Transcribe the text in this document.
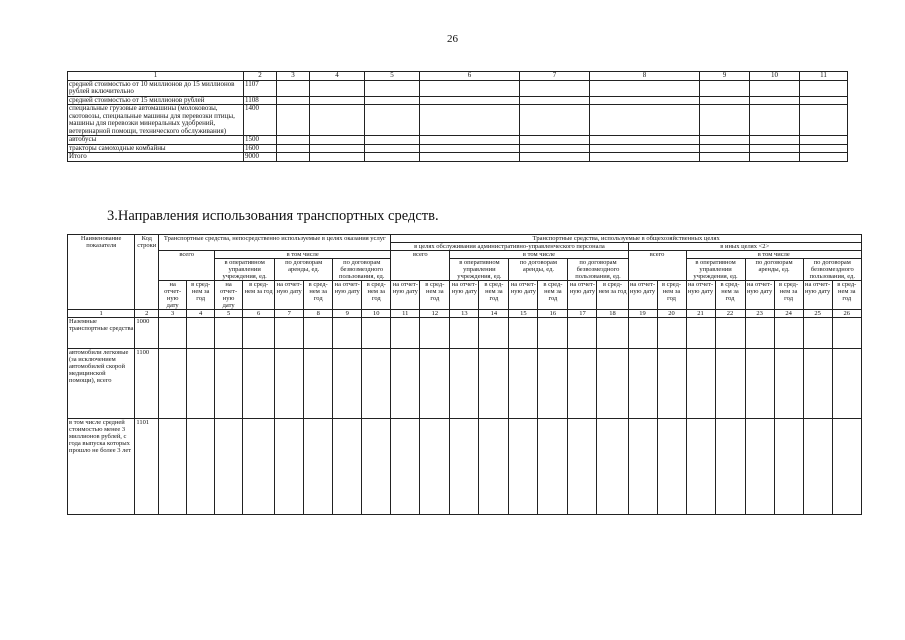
26
1	2	3	4	5	6	7	8	9	10	11
средней стоимостью от 10 миллионов до 15 миллионов рублей включительно	1107									
средней стоимостью от 15 миллионов рублей	1108									
специальные грузовые автомашины (молоковозы, скотовозы, специальные машины для перевозки птицы, машины для перевозки минеральных удобрений, ветеринарной помощи, технического обслуживания)	1400									
автобусы	1500									
тракторы самоходные комбайны	1600									
Итого	9000									
3.Направления использования транспортных средств.
Наименование показателя	Код строки	Транспортные средства, непосредственно используемые в целях оказания услуг								Транспортные средства, используемые в общехозяйственных целях															
										в целях обслуживания административно-управленческого персонала								в иных целях <2>							
		всего		в том числе						всего		в том числе						всего		в том числе					
				в оперативном управлении учреждения, ед.		по договорам аренды, ед.		по договорам безвозмездного пользования, ед.				в оперативном управлении учреждения, ед.		по договорам аренды, ед.		по договорам безвозмездного пользования, ед.				в оперативном управлении учреждения, ед.		по договорам аренды, ед.		по договорам безвозмездного пользования, ед.	
		на отчет-ную дату	в сред-нем за год	на отчет-ную дату	в сред-нем за год	на отчет-ную дату	в сред-нем за год	на отчет-ную дату	в сред-нем за год	на отчет-ную дату	в сред-нем за год	на отчет-ную дату	в сред-нем за год	на отчет-ную дату	в сред-нем за год	на отчет-ную дату	в сред-нем за год	на отчет-ную дату	в сред-нем за год	на отчет-ную дату	в сред-нем за год	на отчет-ную дату	в сред-нем за год	на отчет-ную дату	в сред-нем за год
1	2	3	4	5	6	7	8	9	10	11	12	13	14	15	16	17	18	19	20	21	22	23	24	25	26
Наземные транспортные средства	1000																								
автомобили легковые (за исключением автомобилей скорой медицинской помощи), всего	1100																								
в том числе средней стоимостью менее 3 миллионов рублей, с года выпуска которых прошло не более 3 лет	1101																								
